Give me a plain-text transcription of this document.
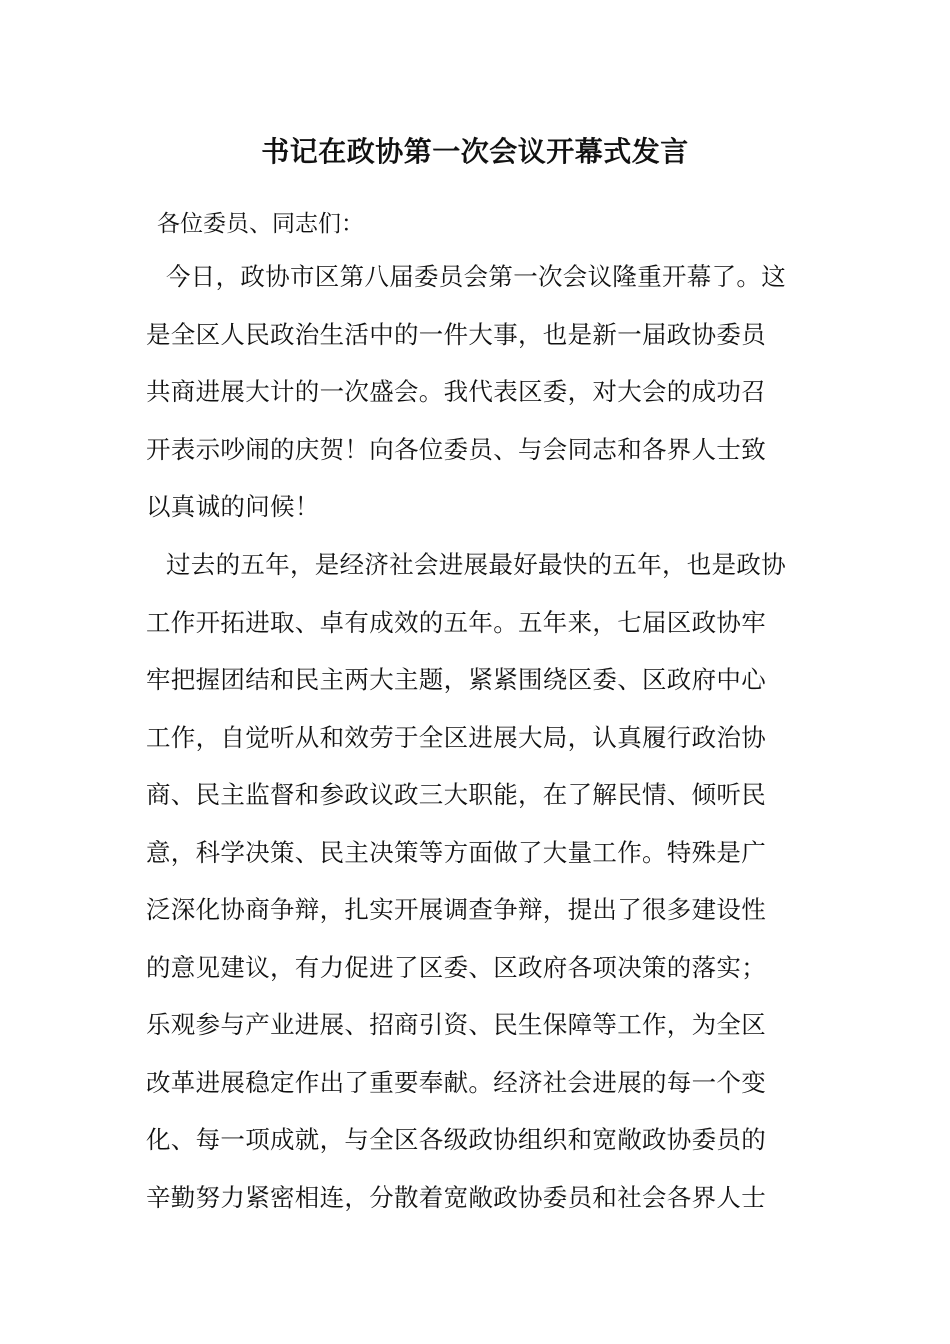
书记在政协第一次会议开幕式发言
各位委员、同志们：
今日，政协市区第八届委员会第一次会议隆重开幕了。这
是全区人民政治生活中的一件大事，也是新一届政协委员
共商进展大计的一次盛会。我代表区委，对大会的成功召
开表示吵闹的庆贺！向各位委员、与会同志和各界人士致
以真诚的问候！
过去的五年，是经济社会进展最好最快的五年，也是政协
工作开拓进取、卓有成效的五年。五年来，七届区政协牢
牢把握团结和民主两大主题，紧紧围绕区委、区政府中心
工作，自觉听从和效劳于全区进展大局，认真履行政治协
商、民主监督和参政议政三大职能，在了解民情、倾听民
意，科学决策、民主决策等方面做了大量工作。特殊是广
泛深化协商争辩，扎实开展调查争辩，提出了很多建设性
的意见建议，有力促进了区委、区政府各项决策的落实；
乐观参与产业进展、招商引资、民生保障等工作，为全区
改革进展稳定作出了重要奉献。经济社会进展的每一个变
化、每一项成就，与全区各级政协组织和宽敞政协委员的
辛勤努力紧密相连，分散着宽敞政协委员和社会各界人士
